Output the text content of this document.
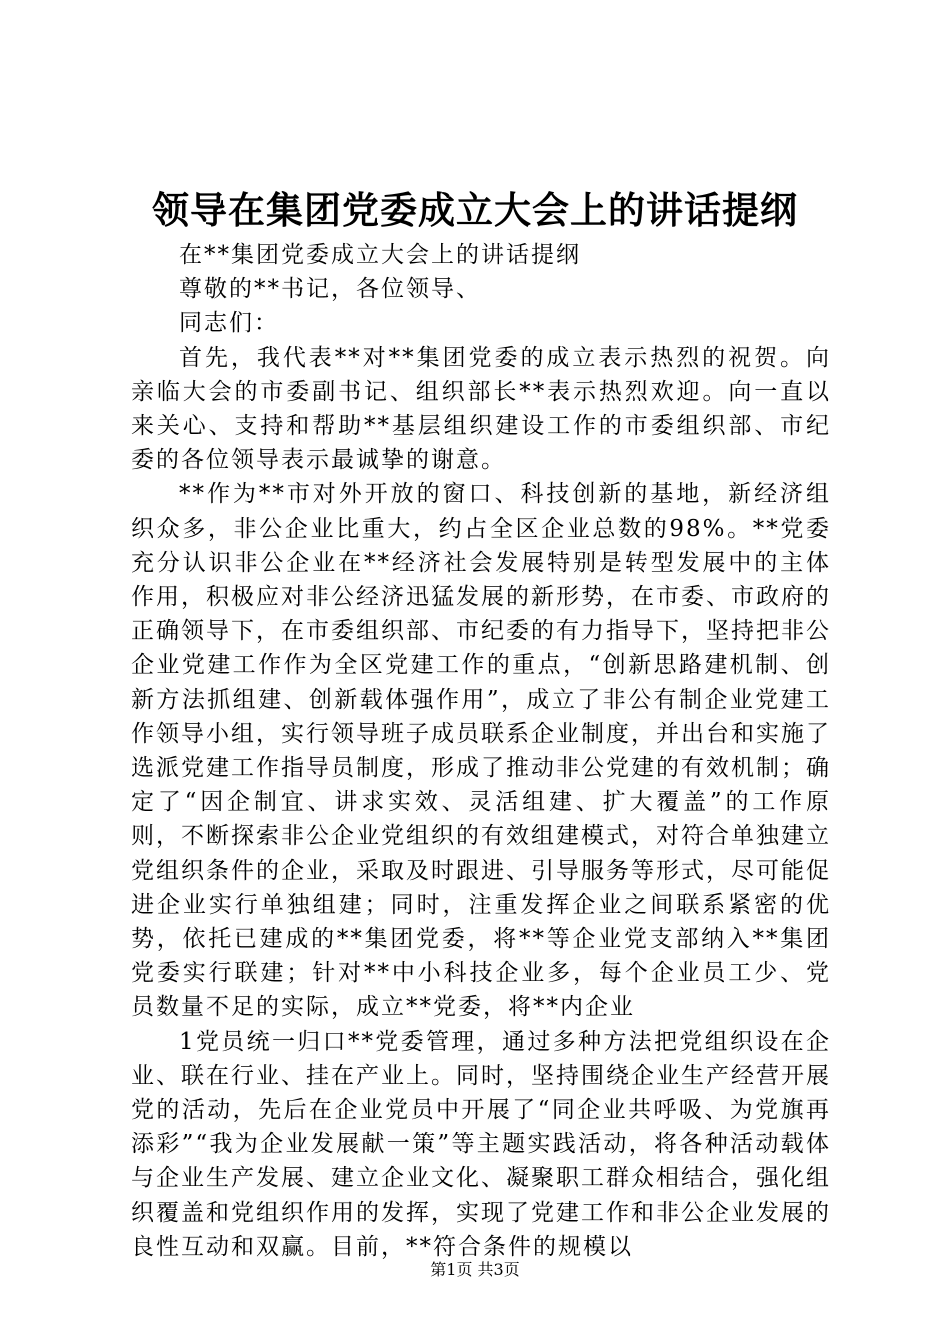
领导在集团党委成立大会上的讲话提纲

在**集团党委成立大会上的讲话提纲

尊敬的**书记，各位领导、

同志们：

首先，我代表**对**集团党委的成立表示热烈的祝贺。向亲临大会的市委副书记、组织部长**表示热烈欢迎。向一直以来关心、支持和帮助**基层组织建设工作的市委组织部、市纪委的各位领导表示最诚挚的谢意。

**作为**市对外开放的窗口、科技创新的基地，新经济组织众多，非公企业比重大，约占全区企业总数的98%。**党委充分认识非公企业在**经济社会发展特别是转型发展中的主体作用，积极应对非公经济迅猛发展的新形势，在市委、市政府的正确领导下，在市委组织部、市纪委的有力指导下，坚持把非公企业党建工作作为全区党建工作的重点，“创新思路建机制、创新方法抓组建、创新载体强作用”，成立了非公有制企业党建工作领导小组，实行领导班子成员联系企业制度，并出台和实施了选派党建工作指导员制度，形成了推动非公党建的有效机制；确定了“因企制宜、讲求实效、灵活组建、扩大覆盖”的工作原则，不断探索非公企业党组织的有效组建模式，对符合单独建立党组织条件的企业，采取及时跟进、引导服务等形式，尽可能促进企业实行单独组建；同时，注重发挥企业之间联系紧密的优势，依托已建成的**集团党委，将**等企业党支部纳入**集团党委实行联建；针对**中小科技企业多，每个企业员工少、党员数量不足的实际，成立**党委，将**内企业

1党员统一归口**党委管理，通过多种方法把党组织设在企业、联在行业、挂在产业上。同时，坚持围绕企业生产经营开展党的活动，先后在企业党员中开展了“同企业共呼吸、为党旗再添彩”“我为企业发展献一策”等主题实践活动，将各种活动载体与企业生产发展、建立企业文化、凝聚职工群众相结合，强化组织覆盖和党组织作用的发挥，实现了党建工作和非公企业发展的良性互动和双赢。目前，**符合条件的规模以

第1页 共3页
